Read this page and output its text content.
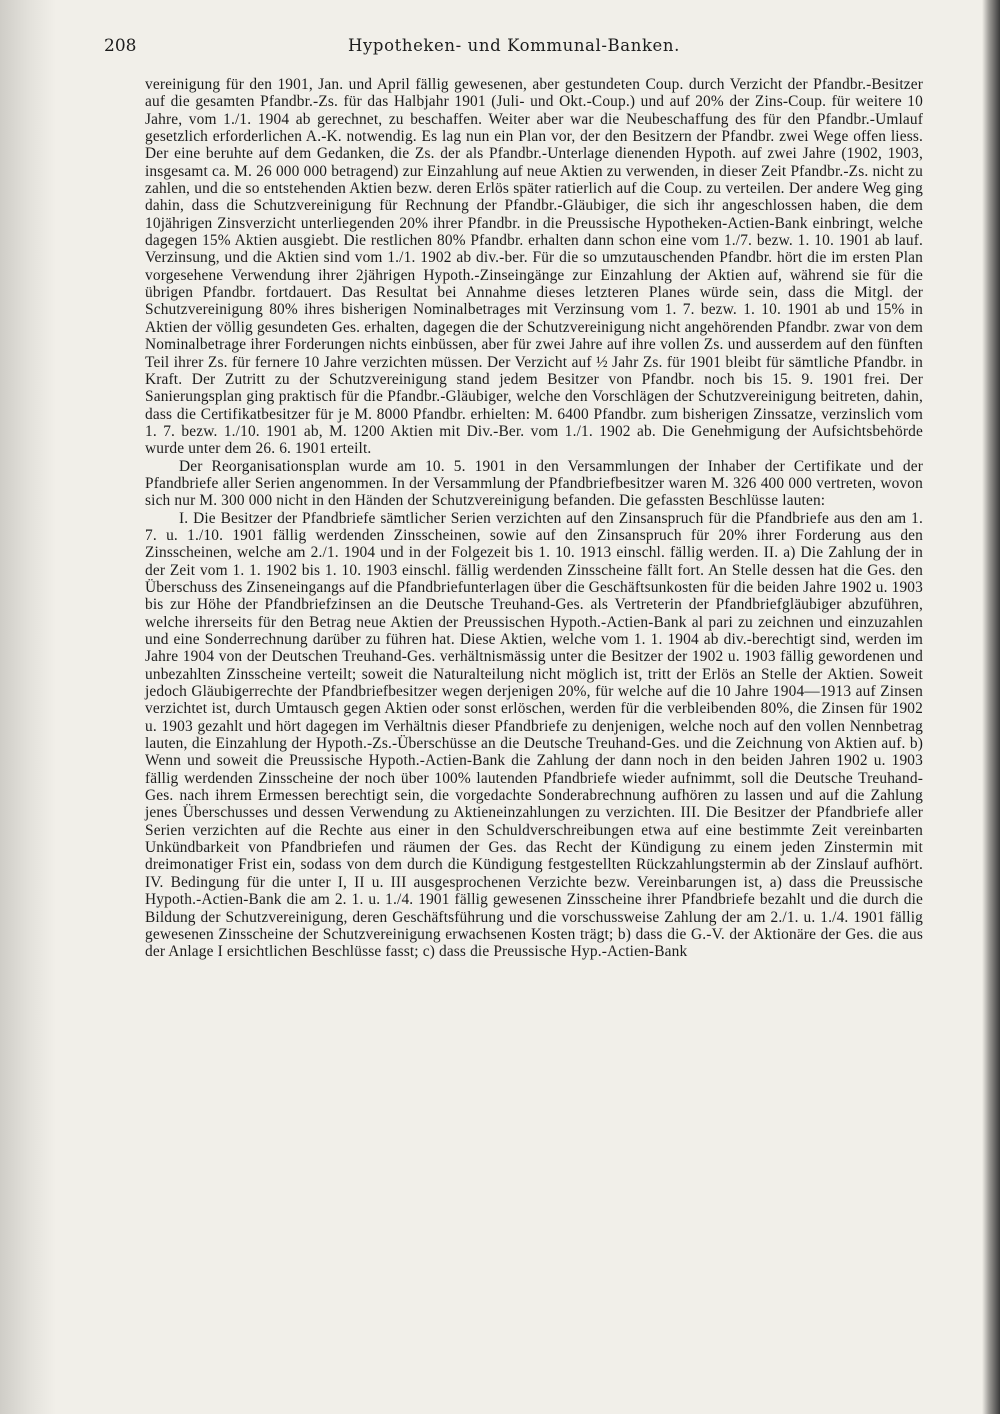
208	Hypotheken- und Kommunal-Banken.

vereinigung für den 1901, Jan. und April fällig gewesenen, aber gestundeten Coup. durch Verzicht der Pfandbr.-Besitzer auf die gesamten Pfandbr.-Zs. für das Halbjahr 1901 (Juli- und Okt.-Coup.) und auf 20% der Zins-Coup. für weitere 10 Jahre, vom 1./1. 1904 ab gerechnet, zu beschaffen. Weiter aber war die Neubeschaffung des für den Pfandbr.-Umlauf gesetzlich erforderlichen A.-K. notwendig. Es lag nun ein Plan vor, der den Besitzern der Pfandbr. zwei Wege offen liess. Der eine beruhte auf dem Gedanken, die Zs. der als Pfandbr.-Unterlage dienenden Hypoth. auf zwei Jahre (1902, 1903, insgesamt ca. M. 26 000 000 betragend) zur Einzahlung auf neue Aktien zu verwenden, in dieser Zeit Pfandbr.-Zs. nicht zu zahlen, und die so entstehenden Aktien bezw. deren Erlös später ratierlich auf die Coup. zu verteilen. Der andere Weg ging dahin, dass die Schutzvereinigung für Rechnung der Pfandbr.-Gläubiger, die sich ihr angeschlossen haben, die dem 10jährigen Zinsverzicht unterliegenden 20% ihrer Pfandbr. in die Preussische Hypotheken-Actien-Bank einbringt, welche dagegen 15% Aktien ausgiebt. Die restlichen 80% Pfandbr. erhalten dann schon eine vom 1./7. bezw. 1. 10. 1901 ab lauf. Verzinsung, und die Aktien sind vom 1./1. 1902 ab div.-ber. Für die so umzutauschenden Pfandbr. hört die im ersten Plan vorgesehene Verwendung ihrer 2jährigen Hypoth.-Zinseingänge zur Einzahlung der Aktien auf, während sie für die übrigen Pfandbr. fortdauert. Das Resultat bei Annahme dieses letzteren Planes würde sein, dass die Mitgl. der Schutzvereinigung 80% ihres bisherigen Nominalbetrages mit Verzinsung vom 1. 7. bezw. 1. 10. 1901 ab und 15% in Aktien der völlig gesundeten Ges. erhalten, dagegen die der Schutzvereinigung nicht angehörenden Pfandbr. zwar von dem Nominalbetrage ihrer Forderungen nichts einbüssen, aber für zwei Jahre auf ihre vollen Zs. und ausserdem auf den fünften Teil ihrer Zs. für fernere 10 Jahre verzichten müssen. Der Verzicht auf ½ Jahr Zs. für 1901 bleibt für sämtliche Pfandbr. in Kraft. Der Zutritt zu der Schutzvereinigung stand jedem Besitzer von Pfandbr. noch bis 15. 9. 1901 frei. Der Sanierungsplan ging praktisch für die Pfandbr.-Gläubiger, welche den Vorschlägen der Schutzvereinigung beitreten, dahin, dass die Certifikatbesitzer für je M. 8000 Pfandbr. erhielten: M. 6400 Pfandbr. zum bisherigen Zinssatze, verzinslich vom 1. 7. bezw. 1./10. 1901 ab, M. 1200 Aktien mit Div.-Ber. vom 1./1. 1902 ab. Die Genehmigung der Aufsichtsbehörde wurde unter dem 26. 6. 1901 erteilt.

Der Reorganisationsplan wurde am 10. 5. 1901 in den Versammlungen der Inhaber der Certifikate und der Pfandbriefe aller Serien angenommen. In der Versammlung der Pfandbriefbesitzer waren M. 326 400 000 vertreten, wovon sich nur M. 300 000 nicht in den Händen der Schutzvereinigung befanden. Die gefassten Beschlüsse lauten:

I. Die Besitzer der Pfandbriefe sämtlicher Serien verzichten auf den Zinsanspruch für die Pfandbriefe aus den am 1. 7. u. 1./10. 1901 fällig werdenden Zinsscheinen, sowie auf den Zinsanspruch für 20% ihrer Forderung aus den Zinsscheinen, welche am 2./1. 1904 und in der Folgezeit bis 1. 10. 1913 einschl. fällig werden. II. a) Die Zahlung der in der Zeit vom 1. 1. 1902 bis 1. 10. 1903 einschl. fällig werdenden Zinsscheine fällt fort. An Stelle dessen hat die Ges. den Überschuss des Zinseneingangs auf die Pfandbriefunterlagen über die Geschäftsunkosten für die beiden Jahre 1902 u. 1903 bis zur Höhe der Pfandbriefzinsen an die Deutsche Treuhand-Ges. als Vertreterin der Pfandbriefgläubiger abzuführen, welche ihrerseits für den Betrag neue Aktien der Preussischen Hypoth.-Actien-Bank al pari zu zeichnen und einzuzahlen und eine Sonderrechnung darüber zu führen hat. Diese Aktien, welche vom 1. 1. 1904 ab div.-berechtigt sind, werden im Jahre 1904 von der Deutschen Treuhand-Ges. verhältnismässig unter die Besitzer der 1902 u. 1903 fällig gewordenen und unbezahlten Zinsscheine verteilt; soweit die Naturalteilung nicht möglich ist, tritt der Erlös an Stelle der Aktien. Soweit jedoch Gläubigerrechte der Pfandbriefbesitzer wegen derjenigen 20%, für welche auf die 10 Jahre 1904—1913 auf Zinsen verzichtet ist, durch Umtausch gegen Aktien oder sonst erlöschen, werden für die verbleibenden 80%, die Zinsen für 1902 u. 1903 gezahlt und hört dagegen im Verhältnis dieser Pfandbriefe zu denjenigen, welche noch auf den vollen Nennbetrag lauten, die Einzahlung der Hypoth.-Zs.-Überschüsse an die Deutsche Treuhand-Ges. und die Zeichnung von Aktien auf. b) Wenn und soweit die Preussische Hypoth.-Actien-Bank die Zahlung der dann noch in den beiden Jahren 1902 u. 1903 fällig werdenden Zinsscheine der noch über 100% lautenden Pfandbriefe wieder aufnimmt, soll die Deutsche Treuhand-Ges. nach ihrem Ermessen berechtigt sein, die vorgedachte Sonderabrechnung aufhören zu lassen und auf die Zahlung jenes Überschusses und dessen Verwendung zu Aktieneinzahlungen zu verzichten. III. Die Besitzer der Pfandbriefe aller Serien verzichten auf die Rechte aus einer in den Schuldverschreibungen etwa auf eine bestimmte Zeit vereinbarten Unkündbarkeit von Pfandbriefen und räumen der Ges. das Recht der Kündigung zu einem jeden Zinstermin mit dreimonatiger Frist ein, sodass von dem durch die Kündigung festgestellten Rückzahlungstermin ab der Zinslauf aufhört. IV. Bedingung für die unter I, II u. III ausgesprochenen Verzichte bezw. Vereinbarungen ist, a) dass die Preussische Hypoth.-Actien-Bank die am 2. 1. u. 1./4. 1901 fällig gewesenen Zinsscheine ihrer Pfandbriefe bezahlt und die durch die Bildung der Schutzvereinigung, deren Geschäftsführung und die vorschussweise Zahlung der am 2./1. u. 1./4. 1901 fällig gewesenen Zinsscheine der Schutzvereinigung erwachsenen Kosten trägt; b) dass die G.-V. der Aktionäre der Ges. die aus der Anlage I ersichtlichen Beschlüsse fasst; c) dass die Preussische Hyp.-Actien-Bank
